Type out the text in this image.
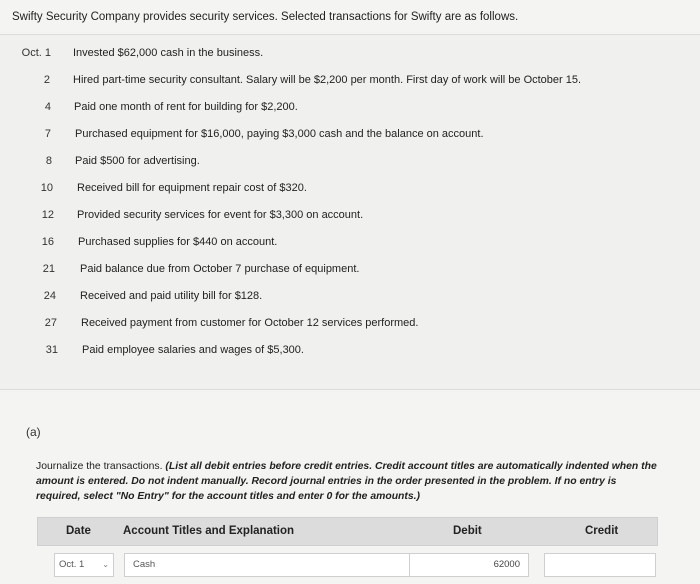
Swifty Security Company provides security services. Selected transactions for Swifty are as follows.
Oct. 1 Invested $62,000 cash in the business.
2 Hired part-time security consultant. Salary will be $2,200 per month. First day of work will be October 15.
4 Paid one month of rent for building for $2,200.
7 Purchased equipment for $16,000, paying $3,000 cash and the balance on account.
8 Paid $500 for advertising.
10 Received bill for equipment repair cost of $320.
12 Provided security services for event for $3,300 on account.
16 Purchased supplies for $440 on account.
21 Paid balance due from October 7 purchase of equipment.
24 Received and paid utility bill for $128.
27 Received payment from customer for October 12 services performed.
31 Paid employee salaries and wages of $5,300.
(a)
Journalize the transactions. (List all debit entries before credit entries. Credit account titles are automatically indented when the amount is entered. Do not indent manually. Record journal entries in the order presented in the problem. If no entry is required, select "No Entry" for the account titles and enter 0 for the amounts.)
Date	Account Titles and Explanation	Debit	Credit
Oct. 1 ⌄	Cash	62000
